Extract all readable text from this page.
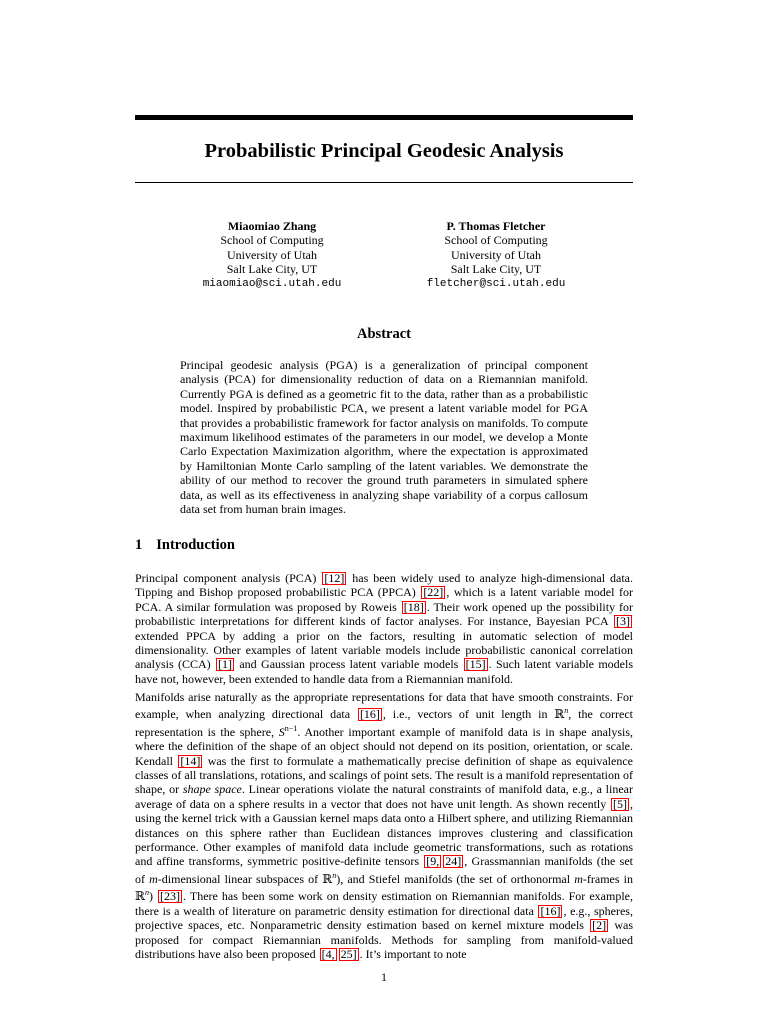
Probabilistic Principal Geodesic Analysis
Miaomiao Zhang
School of Computing
University of Utah
Salt Lake City, UT
miaomiao@sci.utah.edu
P. Thomas Fletcher
School of Computing
University of Utah
Salt Lake City, UT
fletcher@sci.utah.edu
Abstract
Principal geodesic analysis (PGA) is a generalization of principal component analysis (PCA) for dimensionality reduction of data on a Riemannian manifold. Currently PGA is defined as a geometric fit to the data, rather than as a probabilistic model. Inspired by probabilistic PCA, we present a latent variable model for PGA that provides a probabilistic framework for factor analysis on manifolds. To compute maximum likelihood estimates of the parameters in our model, we develop a Monte Carlo Expectation Maximization algorithm, where the expectation is approximated by Hamiltonian Monte Carlo sampling of the latent variables. We demonstrate the ability of our method to recover the ground truth parameters in simulated sphere data, as well as its effectiveness in analyzing shape variability of a corpus callosum data set from human brain images.
1 Introduction
Principal component analysis (PCA) [12] has been widely used to analyze high-dimensional data. Tipping and Bishop proposed probabilistic PCA (PPCA) [22] , which is a latent variable model for PCA. A similar formulation was proposed by Roweis [18] . Their work opened up the possibility for probabilistic interpretations for different kinds of factor analyses. For instance, Bayesian PCA [3] extended PPCA by adding a prior on the factors, resulting in automatic selection of model dimensionality. Other examples of latent variable models include probabilistic canonical correlation analysis (CCA) [1] and Gaussian process latent variable models [15] . Such latent variable models have not, however, been extended to handle data from a Riemannian manifold.
Manifolds arise naturally as the appropriate representations for data that have smooth constraints. For example, when analyzing directional data [16] , i.e., vectors of unit length in ℝ$^n$, the correct representation is the sphere, $S^{n-1}$. Another important example of manifold data is in shape analysis, where the definition of the shape of an object should not depend on its position, orientation, or scale. Kendall [14] was the first to formulate a mathematically precise definition of shape as equivalence classes of all translations, rotations, and scalings of point sets. The result is a manifold representation of shape, or shape space. Linear operations violate the natural constraints of manifold data, e.g., a linear average of data on a sphere results in a vector that does not have unit length. As shown recently [5] , using the kernel trick with a Gaussian kernel maps data onto a Hilbert sphere, and utilizing Riemannian distances on this sphere rather than Euclidean distances improves clustering and classification performance. Other examples of manifold data include geometric transformations, such as rotations and affine transforms, symmetric positive-definite tensors [9, 24] , Grassmannian manifolds (the set of m-dimensional linear subspaces of ℝ$^n$), and Stiefel manifolds (the set of orthonormal m-frames in ℝ$^n$) [23] . There has been some work on density estimation on Riemannian manifolds. For example, there is a wealth of literature on parametric density estimation for directional data [16] , e.g., spheres, projective spaces, etc. Nonparametric density estimation based on kernel mixture models [2] was proposed for compact Riemannian manifolds. Methods for sampling from manifold-valued distributions have also been proposed [4, 25] . It’s important to note
1
